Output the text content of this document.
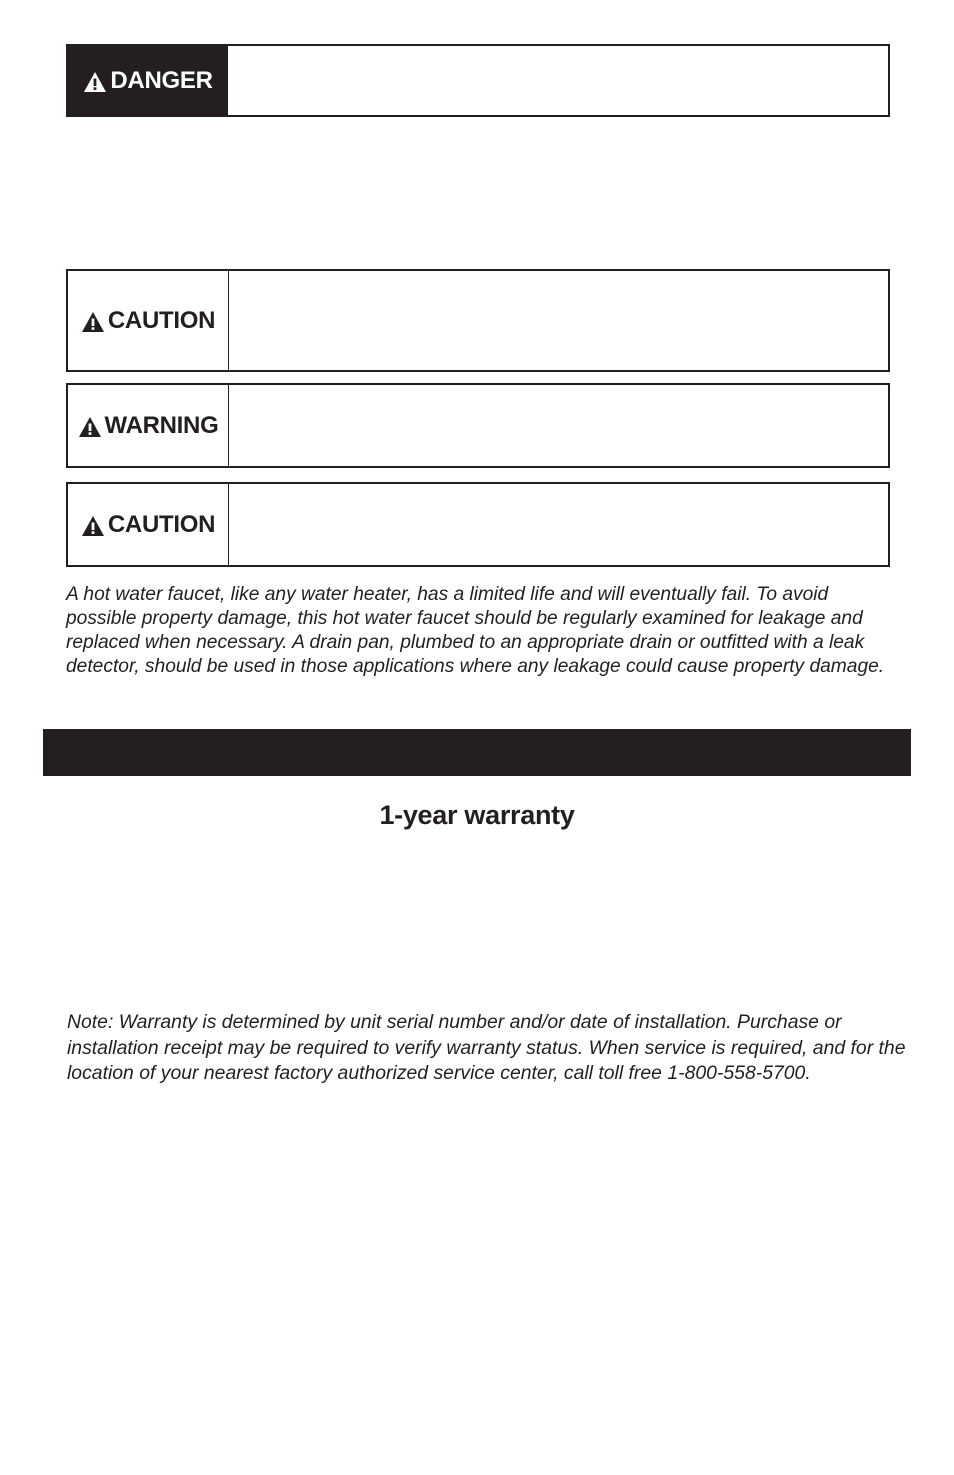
DANGER
CAUTION
WARNING
CAUTION

A hot water faucet, like any water heater, has a limited life and will eventually fail. To avoid possible property damage, this hot water faucet should be regularly examined for leakage and replaced when necessary. A drain pan, plumbed to an appropriate drain or outfitted with a leak detector, should be used in those applications where any leakage could cause property damage.

1-year warranty

Note: Warranty is determined by unit serial number and/or date of installation. Purchase or installation receipt may be required to verify warranty status. When service is required, and for the location of your nearest factory authorized service center, call toll free 1-800-558-5700.
